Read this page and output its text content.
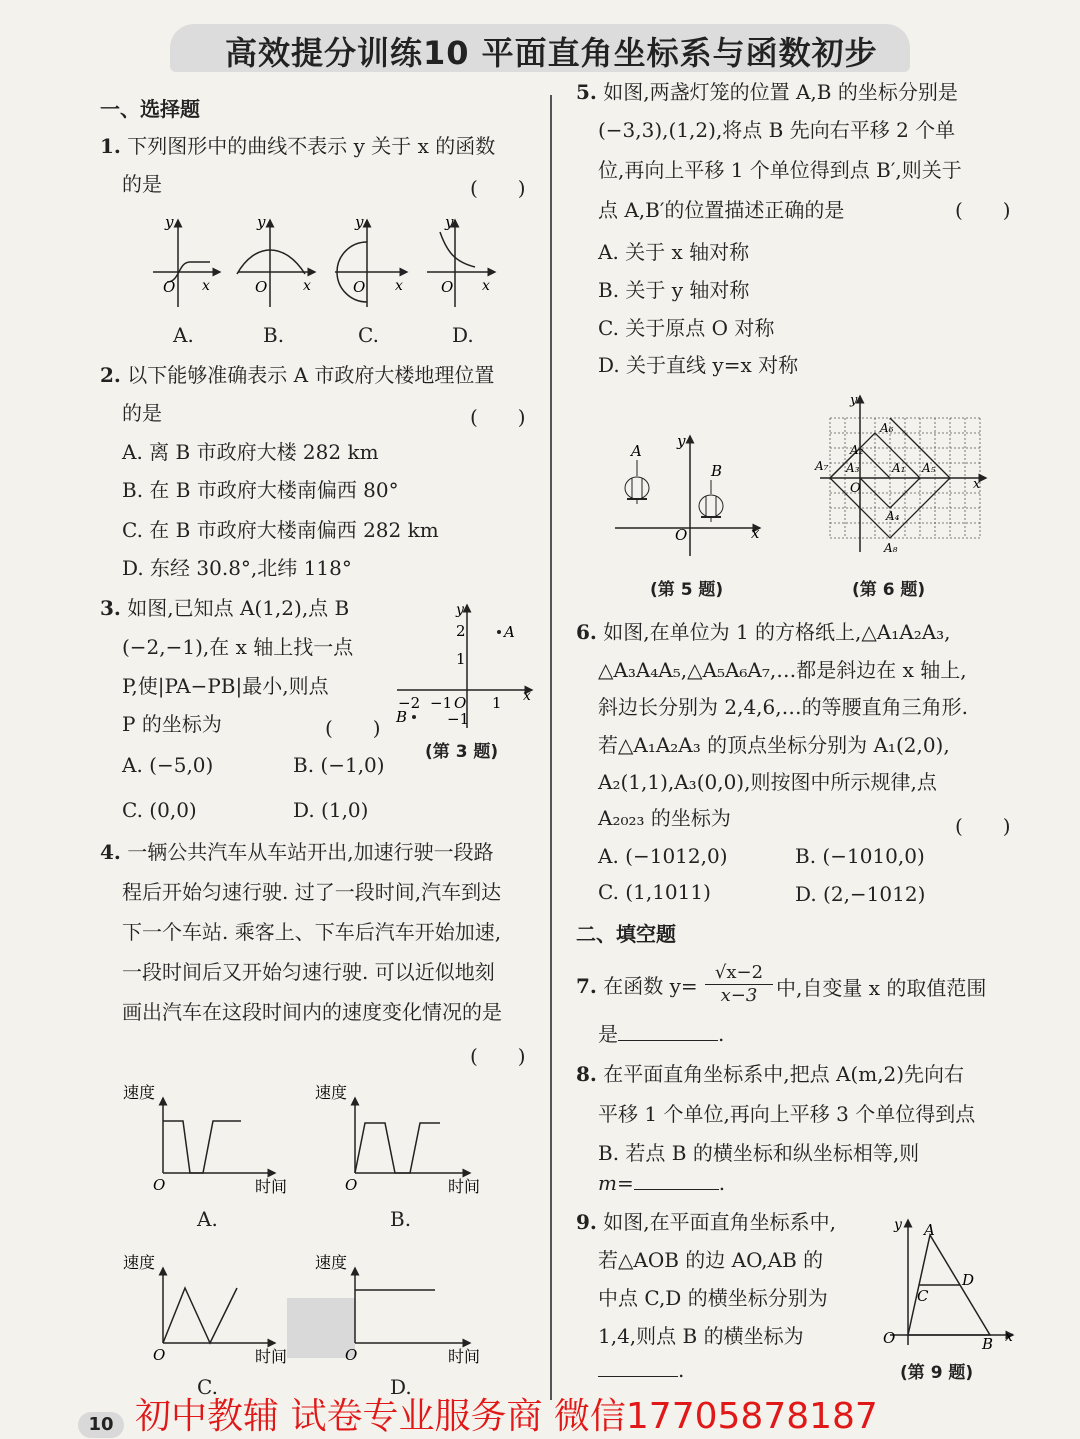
高效提分训练10 平面直角坐标系与函数初步
一、选择题
1. 下列图形中的曲线不表示 y 关于 x 的函数
的是	(　　)
y
O x
y
O	x
y
O x
y
O x
A.	B.	C.	D.
2. 以下能够准确表示 A 市政府大楼地理位置
的是	(　　)
A. 离 B 市政府大楼 282 km
B. 在 B 市政府大楼南偏西 80°
C. 在 B 市政府大楼南偏西 282 km
D. 东经 30.8°,北纬 118°
3. 如图,已知点 A(1,2),点 B
(−2,−1),在 x 轴上找一点
P,使|PA−PB|最小,则点
P 的坐标为	(　　)
y
x
2
1
−2 −1 O 1
−1
A
B
(第 3 题)
A. (−5,0)	B. (−1,0)
C. (0,0)	D. (1,0)
4. 一辆公共汽车从车站开出,加速行驶一段路
程后开始匀速行驶. 过了一段时间,汽车到达
下一个车站. 乘客上、下车后汽车开始加速,
一段时间后又开始匀速行驶. 可以近似地刻
画出汽车在这段时间内的速度变化情况的是
(　　)
速度
O	时间
速度
O	时间
速度
O	时间
速度
O	时间
A.	B.
C.	D.
5. 如图,两盏灯笼的位置 A,B 的坐标分别是
(−3,3),(1,2),将点 B 先向右平移 2 个单
位,再向上平移 1 个单位得到点 B′,则关于
点 A,B′的位置描述正确的是	(　　)
A. 关于 x 轴对称
B. 关于 y 轴对称
C. 关于原点 O 对称
D. 关于直线 y=x 对称
y
x
O
A
B
(第 5 题)
y
x
O
A₆
A₂
A₇ A₃	A₁ A₅
A₄
A₈
(第 6 题)
6. 如图,在单位为 1 的方格纸上,△A₁A₂A₃,
△A₃A₄A₅,△A₅A₆A₇,…都是斜边在 x 轴上,
斜边长分别为 2,4,6,…的等腰直角三角形.
若△A₁A₂A₃ 的顶点坐标分别为 A₁(2,0),
A₂(1,1),A₃(0,0),则按图中所示规律,点
A₂₀₂₃ 的坐标为	(　　)
A. (−1012,0)	B. (−1010,0)
C. (1,1011)	D. (2,−1012)
二、填空题
7. 在函数 $y= \frac{√x-2}{x-3}$ 中,自变量 x 的取值范围
是	.
8. 在平面直角坐标系中,把点 A(m,2)先向右
平移 1 个单位,再向上平移 3 个单位得到点
B. 若点 B 的横坐标和纵坐标相等,则
m=	.
9. 如图,在平面直角坐标系中,
若△AOB 的边 AO,AB 的
中点 C,D 的横坐标分别为
1,4,则点 B 的横坐标为
.
y
x
A
D
C
O	B
(第 9 题)
初中教辅 试卷专业服务商 微信17705878187
10
